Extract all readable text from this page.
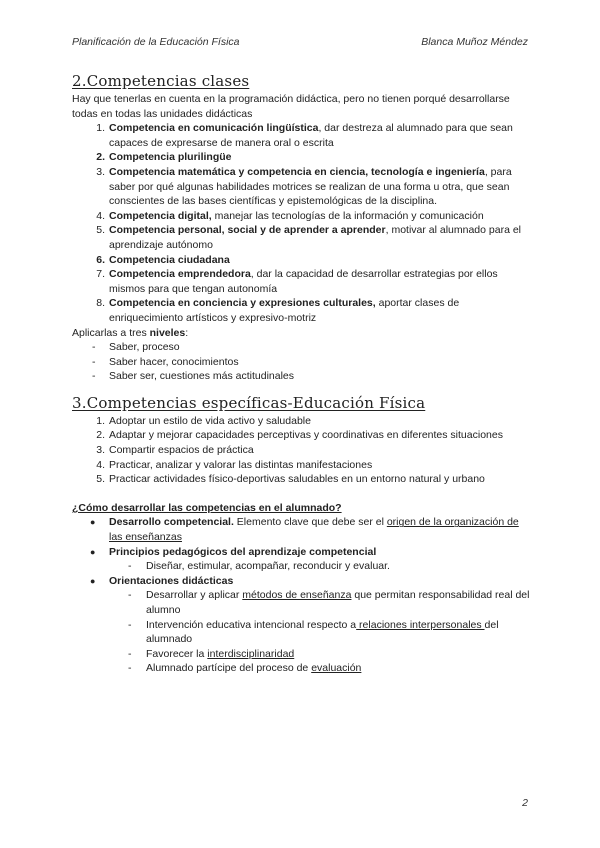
Planificación de la Educación Física	Blanca Muñoz Méndez
2.Competencias clases

Hay que tenerlas en cuenta en la programación didáctica, pero no tienen porqué desarrollarse todas en todas las unidades didácticas

1. Competencia en comunicación lingüística, dar destreza al alumnado para que sean capaces de expresarse de manera oral o escrita
2. Competencia plurilingüe
3. Competencia matemática y competencia en ciencia, tecnología e ingeniería, para saber por qué algunas habilidades motrices se realizan de una forma u otra, que sean conscientes de las bases científicas y epistemológicas de la disciplina.
4. Competencia digital, manejar las tecnologías de la información y comunicación
5. Competencia personal, social y de aprender a aprender, motivar al alumnado para el aprendizaje autónomo
6. Competencia ciudadana
7. Competencia emprendedora, dar la capacidad de desarrollar estrategias por ellos mismos para que tengan autonomía
8. Competencia en conciencia y expresiones culturales, aportar clases de enriquecimiento artísticos y expresivo-motriz

Aplicarlas a tres niveles:

- Saber, proceso
- Saber hacer, conocimientos
- Saber ser, cuestiones más actitudinales
3.Competencias específicas-Educación Física
1. Adoptar un estilo de vida activo y saludable
2. Adaptar y mejorar capacidades perceptivas y coordinativas en diferentes situaciones
3. Compartir espacios de práctica
4. Practicar, analizar y valorar las distintas manifestaciones
5. Practicar actividades físico-deportivas saludables en un entorno natural y urbano

¿Cómo desarrollar las competencias en el alumnado?

● Desarrollo competencial. Elemento clave que debe ser el origen de la organización de las enseñanzas
● Principios pedagógicos del aprendizaje competencial
- Diseñar, estimular, acompañar, reconducir y evaluar.
● Orientaciones didácticas
- Desarrollar y aplicar métodos de enseñanza que permitan responsabilidad real del alumno
- Intervención educativa intencional respecto a relaciones interpersonales del alumnado
- Favorecer la interdisciplinaridad
- Alumnado partícipe del proceso de evaluación
2
